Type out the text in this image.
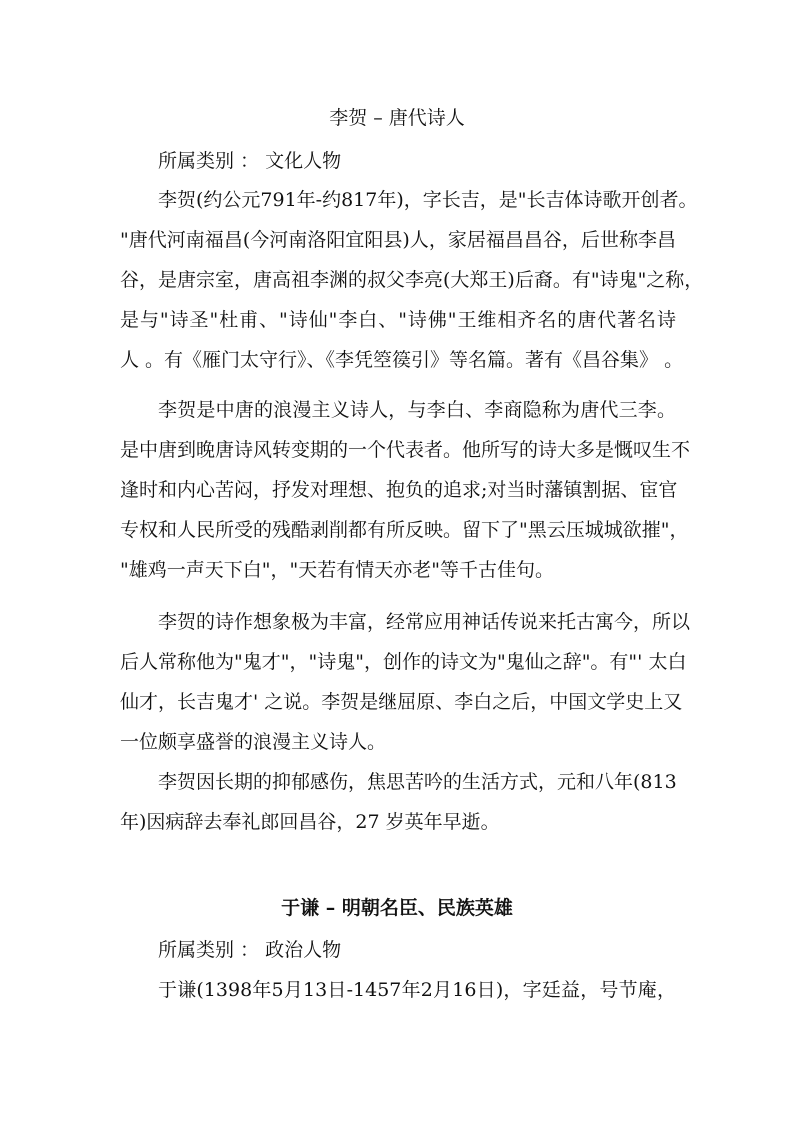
李贺 – 唐代诗人
所属类别 ： 文化人物
李贺(约公元791年-约817年)，字长吉，是"长吉体诗歌开创者。
"唐代河南福昌(今河南洛阳宜阳县)人，家居福昌昌谷，后世称李昌
谷，是唐宗室，唐高祖李渊的叔父李亮(大郑王)后裔。有"诗鬼"之称，
是与"诗圣"杜甫、"诗仙"李白、"诗佛"王维相齐名的唐代著名诗
人 。有《雁门太守行》、《李凭箜篌引》等名篇。著有《昌谷集》 。
李贺是中唐的浪漫主义诗人，与李白、李商隐称为唐代三李。
是中唐到晚唐诗风转变期的一个代表者。他所写的诗大多是慨叹生不
逢时和内心苦闷，抒发对理想、抱负的追求;对当时藩镇割据、宦官
专权和人民所受的残酷剥削都有所反映。留下了"黑云压城城欲摧"，
"雄鸡一声天下白"，"天若有情天亦老"等千古佳句。
李贺的诗作想象极为丰富，经常应用神话传说来托古寓今，所以
后人常称他为"鬼才"，"诗鬼"，创作的诗文为"鬼仙之辞"。有"' 太白
仙才，长吉鬼才' 之说。李贺是继屈原、李白之后，中国文学史上又
一位颇享盛誉的浪漫主义诗人。
李贺因长期的抑郁感伤，焦思苦吟的生活方式，元和八年(813
年)因病辞去奉礼郎回昌谷，27 岁英年早逝。
于谦 – 明朝名臣、民族英雄
所属类别 ： 政治人物
于谦(1398年5月13日-1457年2月16日)，字廷益，号节庵，
